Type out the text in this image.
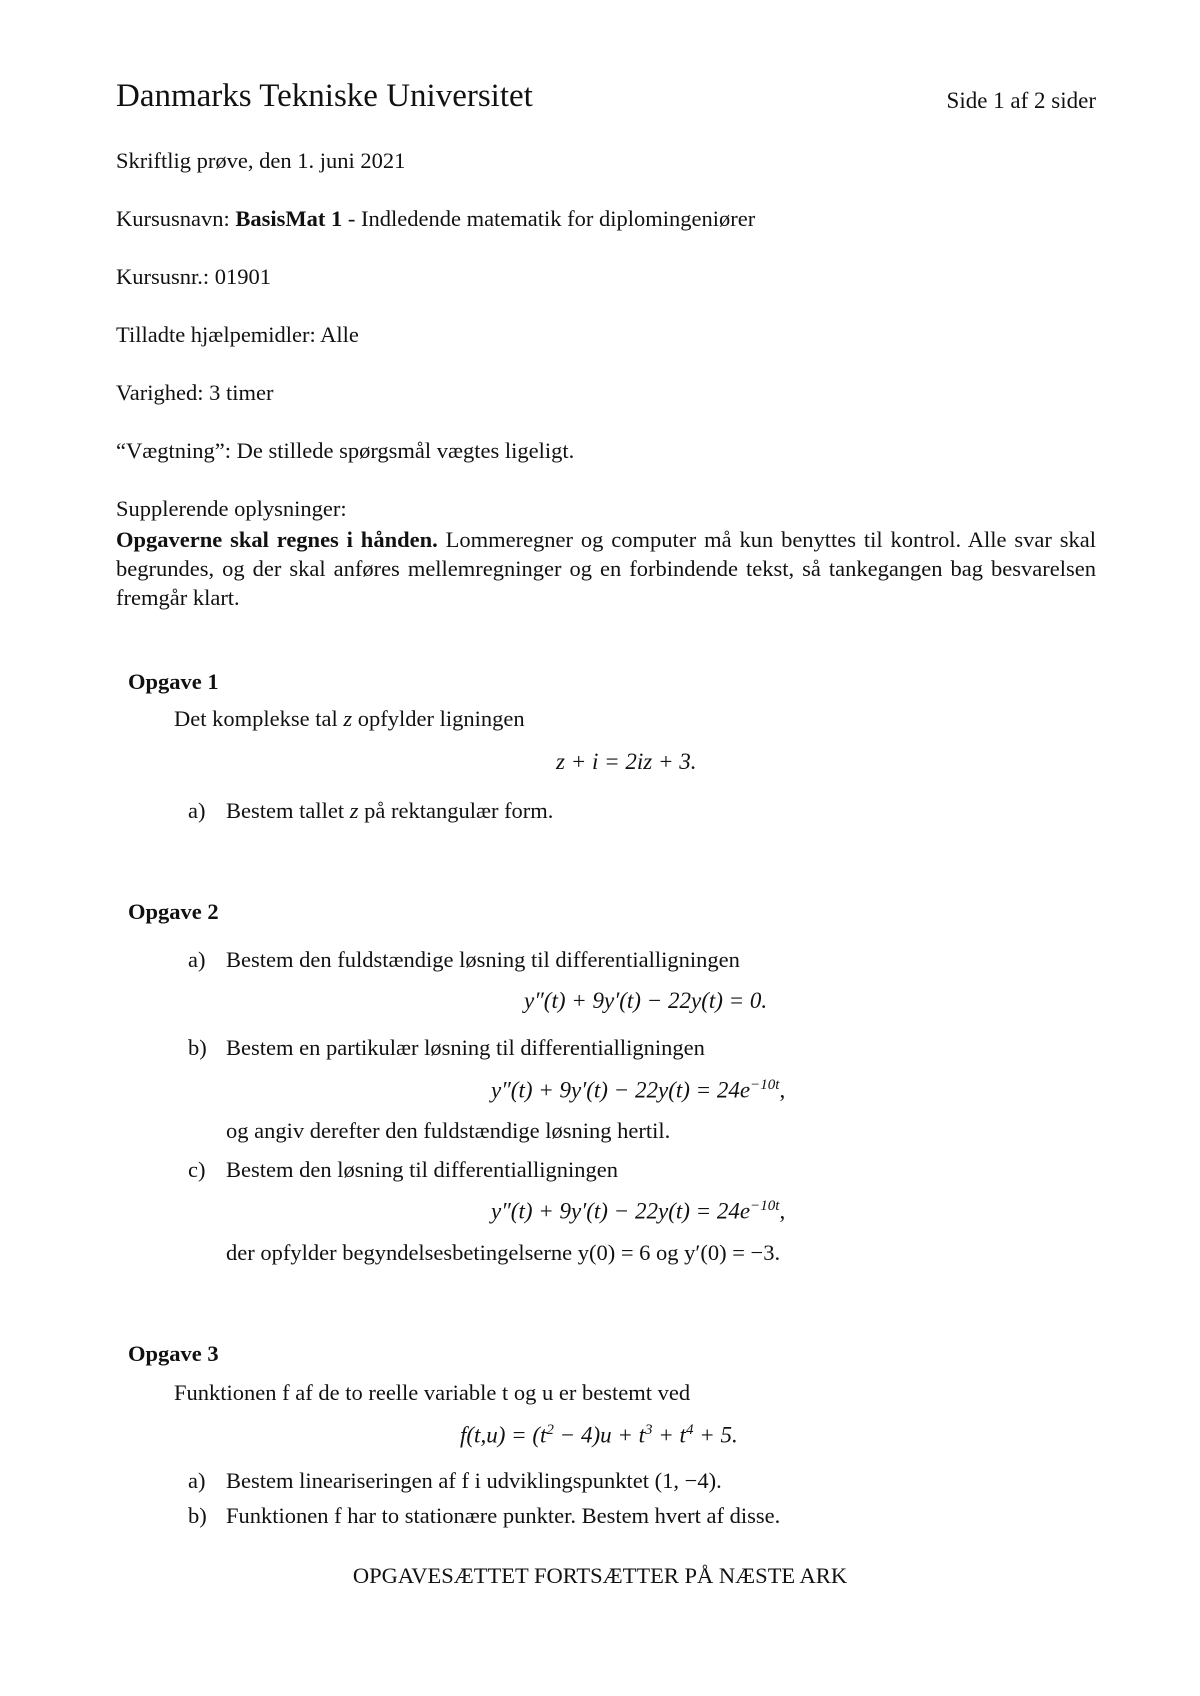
Danmarks Tekniske Universitet	Side 1 af 2 sider
Skriftlig prøve, den 1. juni 2021
Kursusnavn: BasisMat 1 - Indledende matematik for diplomingeniører
Kursusnr.: 01901
Tilladte hjælpemidler: Alle
Varighed: 3 timer
“Vægtning”: De stillede spørgsmål vægtes ligeligt.
Supplerende oplysninger:
Opgaverne skal regnes i hånden. Lommeregner og computer må kun benyttes til kontrol. Alle svar skal begrundes, og der skal anføres mellemregninger og en forbindende tekst, så tankegangen bag besvarelsen fremgår klart.
Opgave 1
Det komplekse tal z opfylder ligningen
z + i = 2iz + 3.
a) Bestem tallet z på rektangulær form.
Opgave 2
a) Bestem den fuldstændige løsning til differentialligningen
y″(t) + 9y′(t) − 22y(t) = 0.
b) Bestem en partikulær løsning til differentialligningen
$y''(t) + 9y'(t) - 22y(t) = 24e^{-10t}$,
og angiv derefter den fuldstændige løsning hertil.
c) Bestem den løsning til differentialligningen
$y''(t) + 9y'(t) - 22y(t) = 24e^{-10t}$,
der opfylder begyndelsesbetingelserne y(0) = 6 og y′(0) = −3.
Opgave 3
Funktionen f af de to reelle variable t og u er bestemt ved
$f(t,u) = (t^2 - 4)u + t^3 + t^4 + 5$.
a) Bestem lineariseringen af f i udviklingspunktet (1, −4).
b) Funktionen f har to stationære punkter. Bestem hvert af disse.
OPGAVESÆTTET FORTSÆTTER PÅ NÆSTE ARK
